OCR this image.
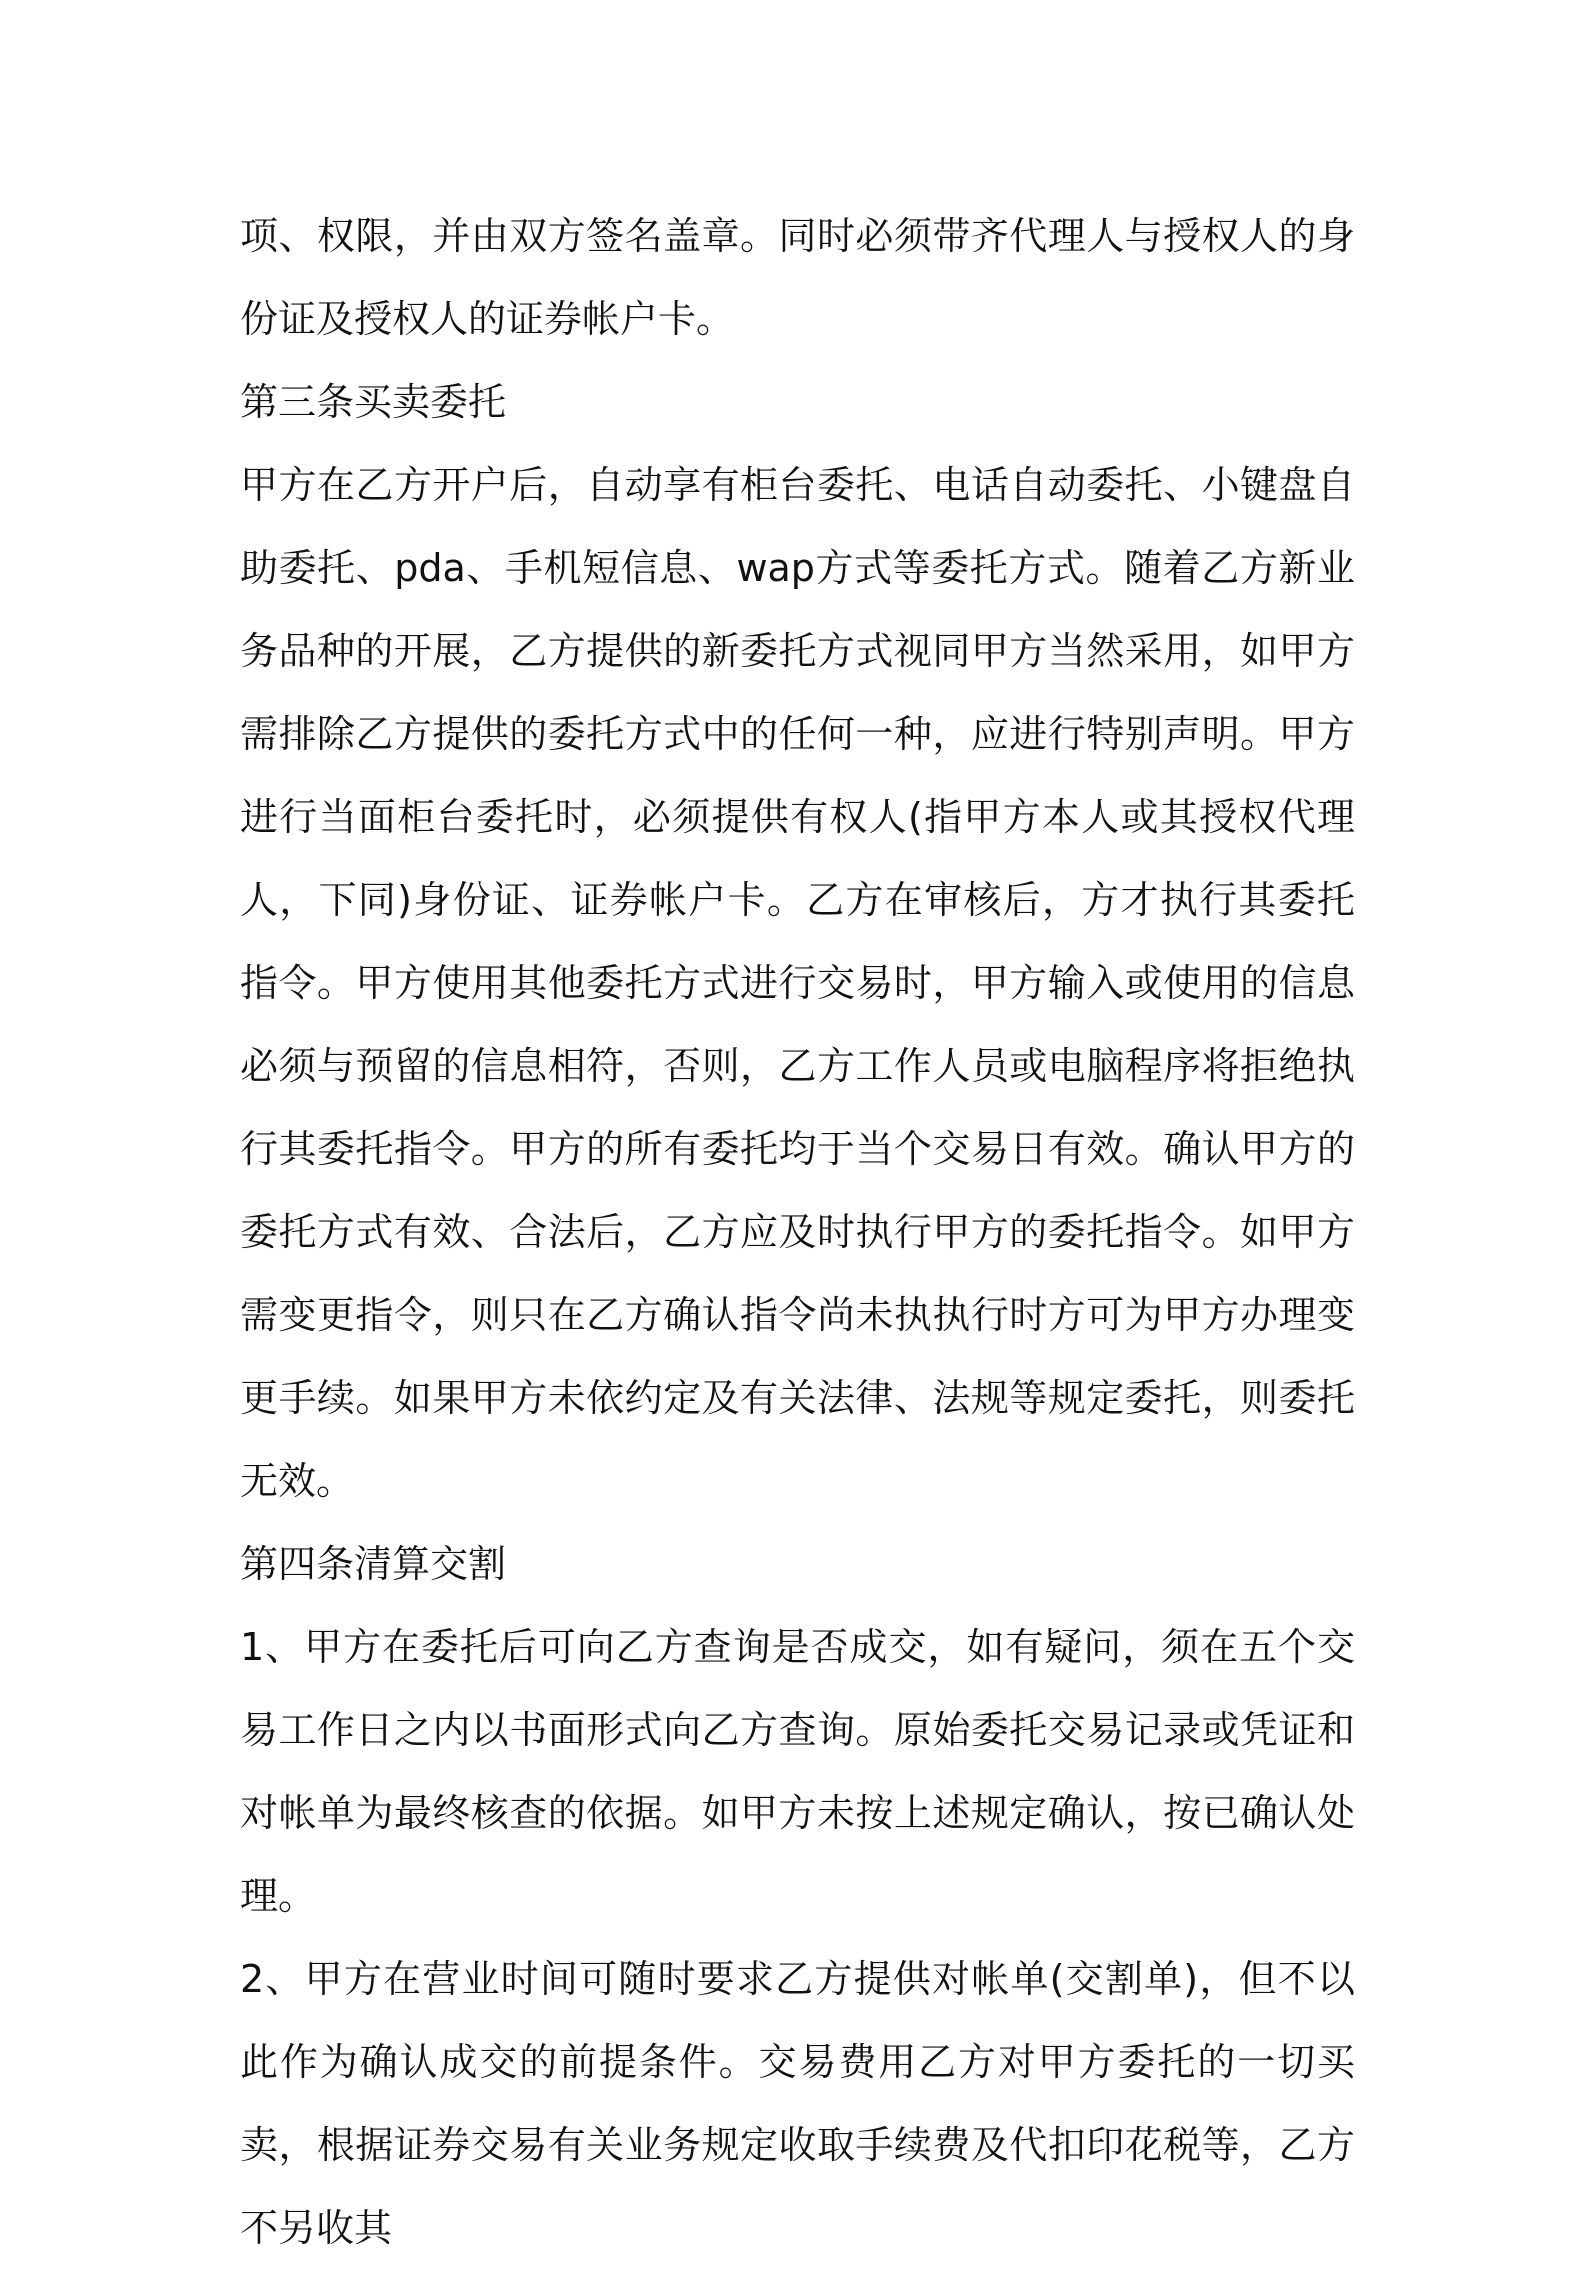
项、权限，并由双方签名盖章。同时必须带齐代理人与授权人的身份证及授权人的证券帐户卡。

第三条买卖委托

甲方在乙方开户后，自动享有柜台委托、电话自动委托、小键盘自助委托、pda、手机短信息、wap方式等委托方式。随着乙方新业务品种的开展，乙方提供的新委托方式视同甲方当然采用，如甲方需排除乙方提供的委托方式中的任何一种，应进行特别声明。甲方进行当面柜台委托时，必须提供有权人(指甲方本人或其授权代理人，下同)身份证、证券帐户卡。乙方在审核后，方才执行其委托指令。甲方使用其他委托方式进行交易时，甲方输入或使用的信息必须与预留的信息相符，否则，乙方工作人员或电脑程序将拒绝执行其委托指令。甲方的所有委托均于当个交易日有效。确认甲方的委托方式有效、合法后，乙方应及时执行甲方的委托指令。如甲方需变更指令，则只在乙方确认指令尚未执执行时方可为甲方办理变更手续。如果甲方未依约定及有关法律、法规等规定委托，则委托无效。

第四条清算交割

1、甲方在委托后可向乙方查询是否成交，如有疑问，须在五个交易工作日之内以书面形式向乙方查询。原始委托交易记录或凭证和对帐单为最终核查的依据。如甲方未按上述规定确认，按已确认处理。

2、甲方在营业时间可随时要求乙方提供对帐单(交割单)，但不以此作为确认成交的前提条件。交易费用乙方对甲方委托的一切买卖，根据证券交易有关业务规定收取手续费及代扣印花税等，乙方不另收其
